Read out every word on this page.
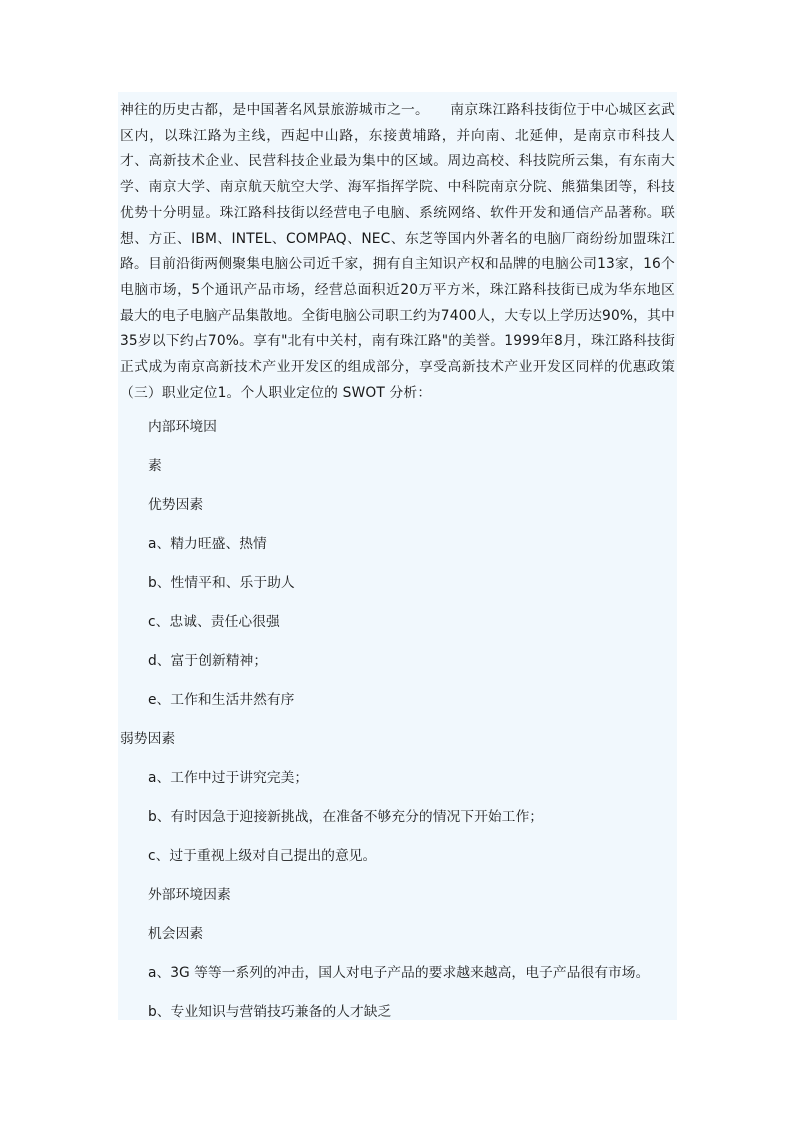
神往的历史古都，是中国著名风景旅游城市之一。　　南京珠江路科技街位于中心城区玄武区内，以珠江路为主线，西起中山路，东接黄埔路，并向南、北延伸，是南京市科技人才、高新技术企业、民营科技企业最为集中的区域。周边高校、科技院所云集，有东南大学、南京大学、南京航天航空大学、海军指挥学院、中科院南京分院、熊猫集团等，科技优势十分明显。珠江路科技街以经营电子电脑、系统网络、软件开发和通信产品著称。联想、方正、IBM、INTEL、COMPAQ、NEC、东芝等国内外著名的电脑厂商纷纷加盟珠江路。目前沿街两侧聚集电脑公司近千家，拥有自主知识产权和品牌的电脑公司13家，16个电脑市场，5个通讯产品市场，经营总面积近20万平方米，珠江路科技街已成为华东地区最大的电子电脑产品集散地。全街电脑公司职工约为7400人，大专以上学历达90%，其中35岁以下约占70%。享有"北有中关村，南有珠江路"的美誉。1999年8月，珠江路科技街正式成为南京高新技术产业开发区的组成部分，享受高新技术产业开发区同样的优惠政策（三）职业定位1。个人职业定位的 SWOT 分析：

内部环境因

素

优势因素

a、精力旺盛、热情

b、性情平和、乐于助人

c、忠诚、责任心很强

d、富于创新精神；

e、工作和生活井然有序

弱势因素

a、工作中过于讲究完美；

b、有时因急于迎接新挑战，在准备不够充分的情况下开始工作；

c、过于重视上级对自己提出的意见。

外部环境因素

机会因素

a、3G 等等一系列的冲击，国人对电子产品的要求越来越高，电子产品很有市场。

b、专业知识与营销技巧兼备的人才缺乏
